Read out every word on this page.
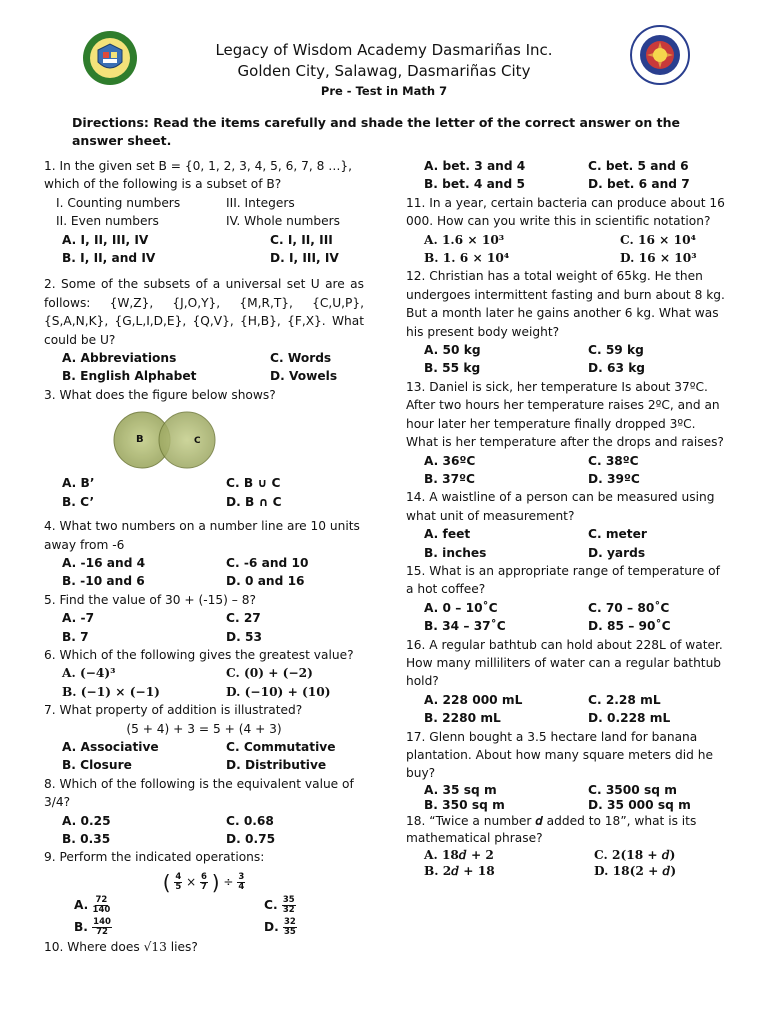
Legacy of Wisdom Academy Dasmariñas Inc.
Golden City, Salawag, Dasmariñas City
Pre - Test in Math 7
Directions: Read the items carefully and shade the letter of the correct answer on the answer sheet.

1. In the given set B = {0, 1, 2, 3, 4, 5, 6, 7, 8 …}, which of the following is a subset of B?

I. Counting numbers	III. Integers
II. Even numbers	IV. Whole numbers
A. I, II, III, IV	C. I, II, III
B. I, II, and IV	D. I, III, IV

2. Some of the subsets of a universal set U are as follows: {W,Z}, {J,O,Y}, {M,R,T}, {C,U,P}, {S,A,N,K}, {G,L,I,D,E}, {Q,V}, {H,B}, {F,X}. What could be U?

A. Abbreviations	C. Words
B. English Alphabet	D. Vowels

3. What does the figure below shows?

B	C
A. B’	C. B ∪ C
B. C’	D. B ∩ C

4. What two numbers on a number line are 10 units away from -6

A. -16 and 4	C. -6 and 10
B. -10 and 6	D. 0 and 16

5. Find the value of 30 + (-15) – 8?

A. -7	C. 27
B. 7	D. 53

6. Which of the following gives the greatest value?

A. (−4)³	C. (0) + (−2)
B. (−1) × (−1)	D. (−10) + (10)

7. What property of addition is illustrated?

(5 + 4) + 3 = 5 + (4 + 3)

A. Associative	C. Commutative
B. Closure	D. Distributive

8. Which of the following is the equivalent value of 3/4?

A. 0.25	C. 0.68
B. 0.35	D. 0.75

9. Perform the indicated operations:

( $\frac{4}{5} \times \frac{6}{7}$ ) ÷ $\frac{3}{4}$
A. $\frac{72}{140}$	C. $\frac{35}{32}$
B. $\frac{140}{72}$	D. $\frac{32}{35}$

10. Where does √13 lies?

A. bet. 3 and 4	C. bet. 5 and 6
B. bet. 4 and 5	D. bet. 6 and 7

11. In a year, certain bacteria can produce about 16 000. How can you write this in scientific notation?

A. 1.6 × 10³	C. 16 × 10⁴
B. 1. 6 × 10⁴	D. 16 × 10³

12. Christian has a total weight of 65kg. He then undergoes intermittent fasting and burn about 8 kg. But a month later he gains another 6 kg. What was his present body weight?

A. 50 kg	C. 59 kg
B. 55 kg	D. 63 kg

13. Daniel is sick, her temperature Is about 37ºC. After two hours her temperature raises 2ºC, and an hour later her temperature finally dropped 3ºC. What is her temperature after the drops and raises?

A. 36ºC	C. 38ºC
B. 37ºC	D. 39ºC

14. A waistline of a person can be measured using what unit of measurement?

A. feet	C. meter
B. inches	D. yards

15. What is an appropriate range of temperature of a hot coffee?

A. 0 – 10˚C	C. 70 – 80˚C
B. 34 – 37˚C	D. 85 – 90˚C

16. A regular bathtub can hold about 228L of water. How many milliliters of water can a regular bathtub hold?

A. 228 000 mL	C. 2.28 mL
B. 2280 mL	D. 0.228 mL

17. Glenn bought a 3.5 hectare land for banana plantation. About how many square meters did he buy?

A. 35 sq m	C. 3500 sq m
B. 350 sq m	D. 35 000 sq m

18. “Twice a number 𝒅 added to 18”, what is its mathematical phrase?

A. 18𝑑 + 2	C. 2(18 + 𝑑)
B. 2𝑑 + 18	D. 18(2 + 𝑑)
